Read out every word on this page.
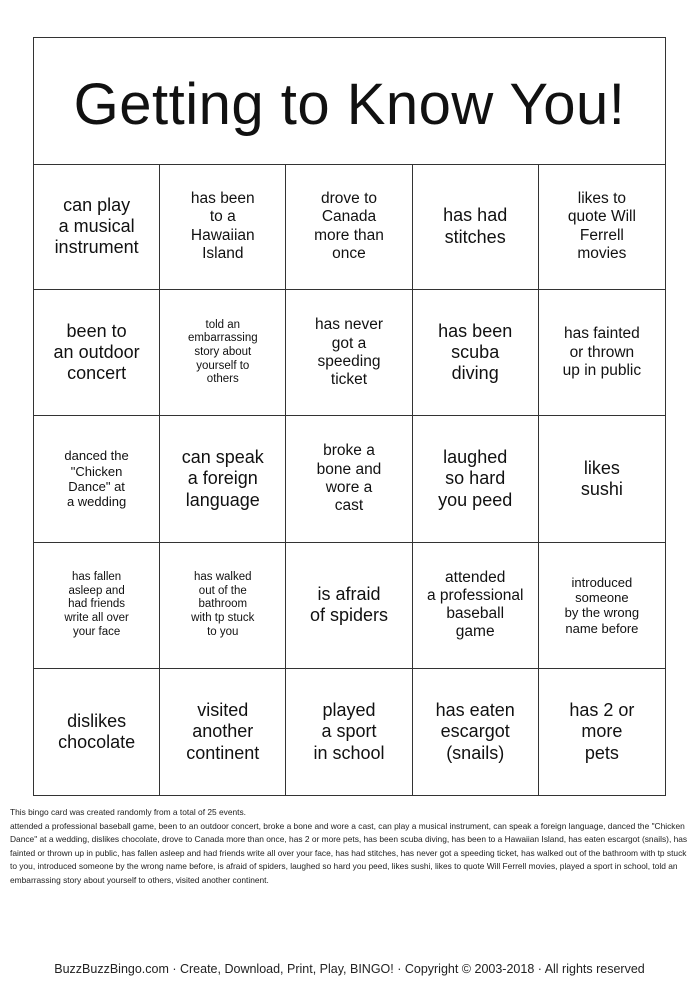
Getting to Know You!
can play
a musical
instrument
has been
to a
Hawaiian
Island
drove to
Canada
more than
once
has had
stitches
likes to
quote Will
Ferrell
movies
been to
an outdoor
concert
told an
embarrassing
story about
yourself to
others
has never
got a
speeding
ticket
has been
scuba
diving
has fainted
or thrown
up in public
danced the
"Chicken
Dance" at
a wedding
can speak
a foreign
language
broke a
bone and
wore a
cast
laughed
so hard
you peed
likes
sushi
has fallen
asleep and
had friends
write all over
your face
has walked
out of the
bathroom
with tp stuck
to you
is afraid
of spiders
attended
a professional
baseball
game
introduced
someone
by the wrong
name before
dislikes
chocolate
visited
another
continent
played
a sport
in school
has eaten
escargot
(snails)
has 2 or
more
pets

This bingo card was created randomly from a total of 25 events.

attended a professional baseball game, been to an outdoor concert, broke a bone and wore a cast, can play a musical instrument, can speak a foreign language, danced the "Chicken Dance" at a wedding, dislikes chocolate, drove to Canada more than once, has 2 or more pets, has been scuba diving, has been to a Hawaiian Island, has eaten escargot (snails), has fainted or thrown up in public, has fallen asleep and had friends write all over your face, has had stitches, has never got a speeding ticket, has walked out of the bathroom with tp stuck to you, introduced someone by the wrong name before, is afraid of spiders, laughed so hard you peed, likes sushi, likes to quote Will Ferrell movies, played a sport in school, told an embarrassing story about yourself to others, visited another continent.

BuzzBuzzBingo.com · Create, Download, Print, Play, BINGO! · Copyright © 2003-2018 · All rights reserved
